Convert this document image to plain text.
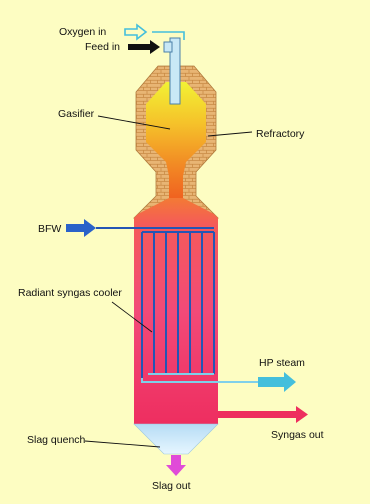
Oxygen in
Feed in
Gasifier
Refractory
BFW
Radiant syngas cooler
HP steam
Syngas out
Slag quench
Slag out
